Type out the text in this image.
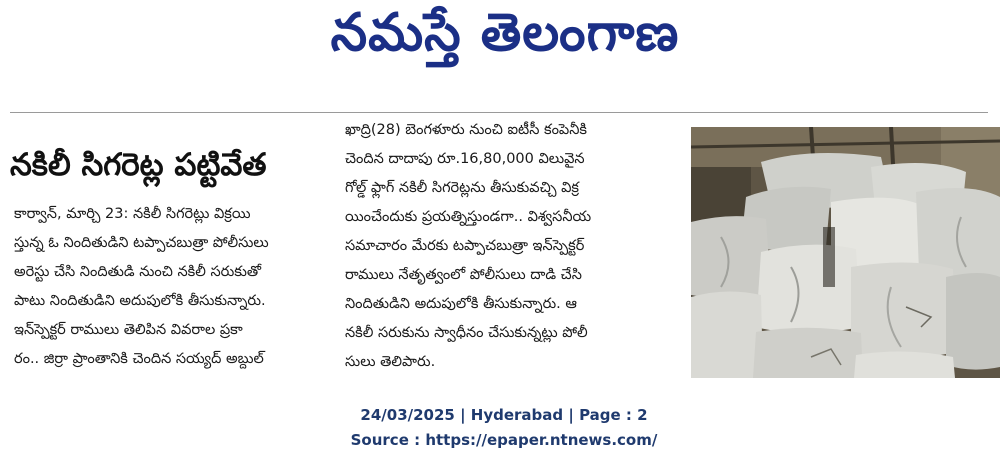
నమస్తే తెలంగాణ
నకిలీ సిగరెట్ల పట్టివేత
కార్వాన్, మార్చి 23: నకిలీ సిగరెట్లు విక్రయి
స్తున్న ఓ నిందితుడిని టప్పాచబుత్రా పోలీసులు
అరెస్టు చేసి నిందితుడి నుంచి నకిలీ సరుకుతో
పాటు నిందితుడిని అదుపులోకి తీసుకున్నారు.
ఇన్‌స్పెక్టర్ రాములు తెలిపిన వివరాల ప్రకా
రం.. జిర్రా ప్రాంతానికి చెందిన సయ్యద్ అబ్దుల్
ఖాద్రి(28) బెంగళూరు నుంచి ఐటీసీ కంపెనీకి
చెందిన దాదాపు రూ.16,80,000 విలువైన
గోల్డ్ ఫ్లాగ్ నకిలీ సిగరెట్లను తీసుకువచ్చి విక్ర
యించేందుకు ప్రయత్నిస్తుండగా.. విశ్వసనీయ
సమాచారం మేరకు టప్పాచబుత్రా ఇన్‌స్పెక్టర్
రాములు నేతృత్వంలో పోలీసులు దాడి చేసి
నిందితుడిని అదుపులోకి తీసుకున్నారు. ఆ
నకిలీ సరుకును స్వాధీనం చేసుకున్నట్లు పోలీ
సులు తెలిపారు.
24/03/2025 | Hyderabad | Page : 2
Source : https://epaper.ntnews.com/
